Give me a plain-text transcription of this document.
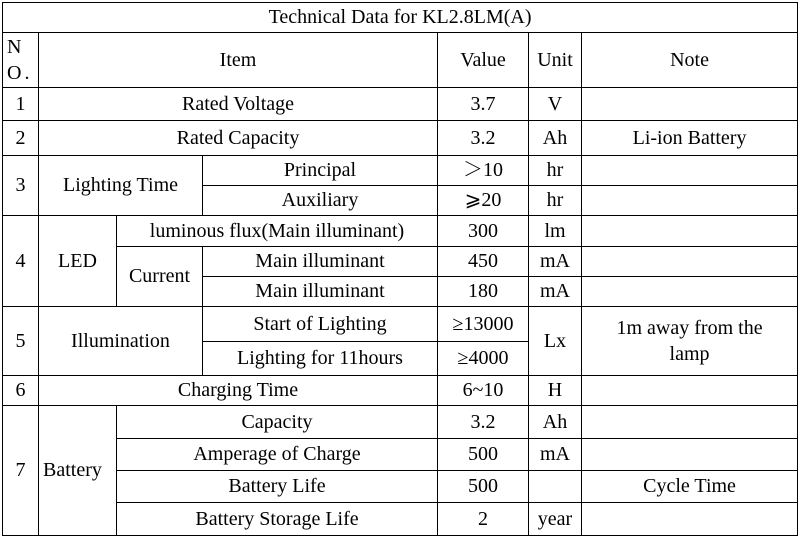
Technical Data for KL2.8LM(A)						
N O.	Item			Value	Unit	Note
1	Rated Voltage			3.7	V	
2	Rated Capacity			3.2	Ah	Li-ion Battery
3	Lighting Time		Principal	＞10	hr	
			Auxiliary	⩾20	hr	
4	LED	luminous flux(Main illuminant)		300	lm	
		Current	Main illuminant	450	mA	
			Main illuminant	180	mA	
5	Illumination		Start of Lighting	≥13000	Lx	1m away from the lamp
			Lighting for 11hours	≥4000		
6	Charging Time			6~10	H	
7	Battery	Capacity		3.2	Ah	
		Amperage of Charge		500	mA	
		Battery Life		500		Cycle Time
		Battery Storage Life		2	year	
